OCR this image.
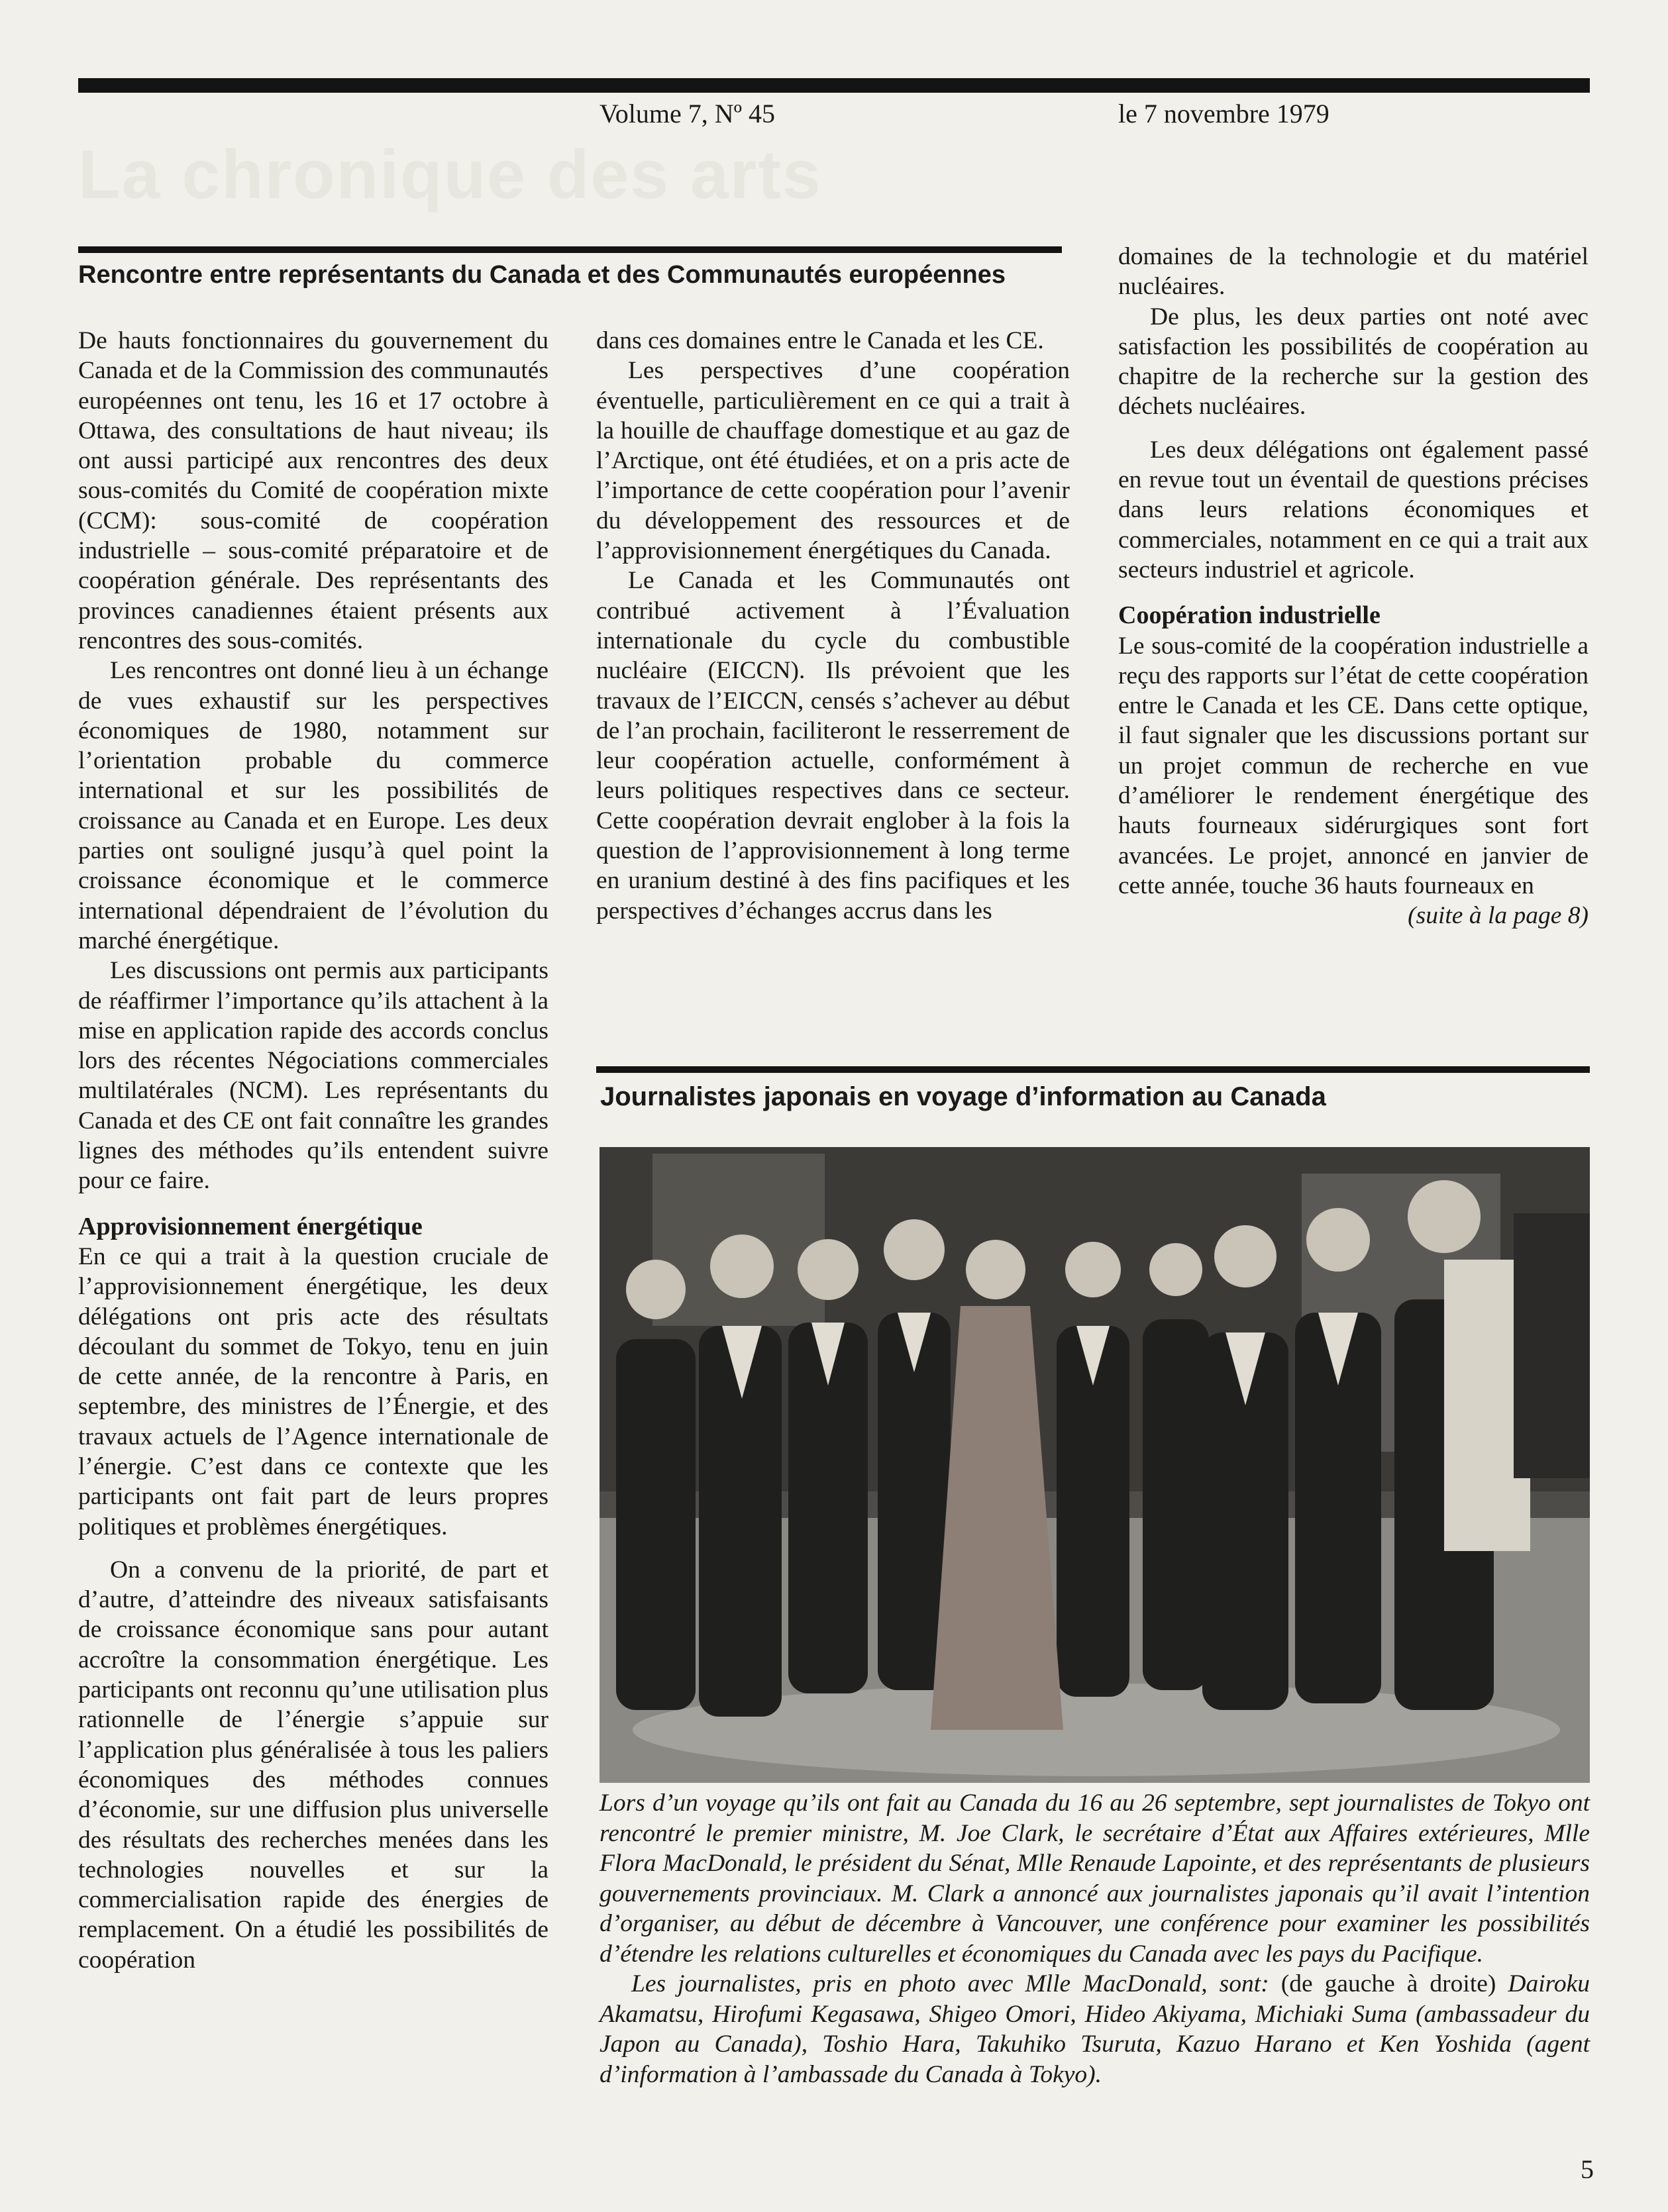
Volume 7, Nº 45	le 7 novembre 1979
La chronique des arts
Rencontre entre représentants du Canada et des Communautés européennes

De hauts fonctionnaires du gouvernement du Canada et de la Commission des communautés européennes ont tenu, les 16 et 17 octobre à Ottawa, des consultations de haut niveau; ils ont aussi participé aux rencontres des deux sous-comités du Comité de coopération mixte (CCM): sous-comité de coopération industrielle – sous-comité préparatoire et de coopération générale. Des représentants des provinces canadiennes étaient présents aux rencontres des sous-comités.

Les rencontres ont donné lieu à un échange de vues exhaustif sur les perspectives économiques de 1980, notamment sur l’orientation probable du commerce international et sur les possibilités de croissance au Canada et en Europe. Les deux parties ont souligné jusqu’à quel point la croissance économique et le commerce international dépendraient de l’évolution du marché énergétique.

Les discussions ont permis aux participants de réaffirmer l’importance qu’ils attachent à la mise en application rapide des accords conclus lors des récentes Négociations commerciales multilatérales (NCM). Les représentants du Canada et des CE ont fait connaître les grandes lignes des méthodes qu’ils entendent suivre pour ce faire.

Approvisionnement énergétique

En ce qui a trait à la question cruciale de l’approvisionnement énergétique, les deux délégations ont pris acte des résultats découlant du sommet de Tokyo, tenu en juin de cette année, de la rencontre à Paris, en septembre, des ministres de l’Énergie, et des travaux actuels de l’Agence internationale de l’énergie. C’est dans ce contexte que les participants ont fait part de leurs propres politiques et problèmes énergétiques.

On a convenu de la priorité, de part et d’autre, d’atteindre des niveaux satisfaisants de croissance économique sans pour autant accroître la consommation énergétique. Les participants ont reconnu qu’une utilisation plus rationnelle de l’énergie s’appuie sur l’application plus généralisée à tous les paliers économiques des méthodes connues d’économie, sur une diffusion plus universelle des résultats des recherches menées dans les technologies nouvelles et sur la commercialisation rapide des énergies de remplacement. On a étudié les possibilités de coopération

dans ces domaines entre le Canada et les CE.

Les perspectives d’une coopération éventuelle, particulièrement en ce qui a trait à la houille de chauffage domestique et au gaz de l’Arctique, ont été étudiées, et on a pris acte de l’importance de cette coopération pour l’avenir du développement des ressources et de l’approvisionnement énergétiques du Canada.

Le Canada et les Communautés ont contribué activement à l’Évaluation internationale du cycle du combustible nucléaire (EICCN). Ils prévoient que les travaux de l’EICCN, censés s’achever au début de l’an prochain, faciliteront le resserrement de leur coopération actuelle, conformément à leurs politiques respectives dans ce secteur. Cette coopération devrait englober à la fois la question de l’approvisionnement à long terme en uranium destiné à des fins pacifiques et les perspectives d’échanges accrus dans les

domaines de la technologie et du matériel nucléaires.

De plus, les deux parties ont noté avec satisfaction les possibilités de coopération au chapitre de la recherche sur la gestion des déchets nucléaires.

Les deux délégations ont également passé en revue tout un éventail de questions précises dans leurs relations économiques et commerciales, notamment en ce qui a trait aux secteurs industriel et agricole.

Coopération industrielle

Le sous-comité de la coopération industrielle a reçu des rapports sur l’état de cette coopération entre le Canada et les CE. Dans cette optique, il faut signaler que les discussions portant sur un projet commun de recherche en vue d’améliorer le rendement énergétique des hauts fourneaux sidérurgiques sont fort avancées. Le projet, annoncé en janvier de cette année, touche 36 hauts fourneaux en

(suite à la page 8)

Journalistes japonais en voyage d’information au Canada

Lors d’un voyage qu’ils ont fait au Canada du 16 au 26 septembre, sept journalistes de Tokyo ont rencontré le premier ministre, M. Joe Clark, le secrétaire d’État aux Affaires extérieures, Mlle Flora MacDonald, le président du Sénat, Mlle Renaude Lapointe, et des représentants de plusieurs gouvernements provinciaux. M. Clark a annoncé aux journalistes japonais qu’il avait l’intention d’organiser, au début de décembre à Vancouver, une conférence pour examiner les possibilités d’étendre les relations culturelles et économiques du Canada avec les pays du Pacifique.

Les journalistes, pris en photo avec Mlle MacDonald, sont: (de gauche à droite) Dairoku Akamatsu, Hirofumi Kegasawa, Shigeo Omori, Hideo Akiyama, Michiaki Suma (ambassadeur du Japon au Canada), Toshio Hara, Takuhiko Tsuruta, Kazuo Harano et Ken Yoshida (agent d’information à l’ambassade du Canada à Tokyo).

5
